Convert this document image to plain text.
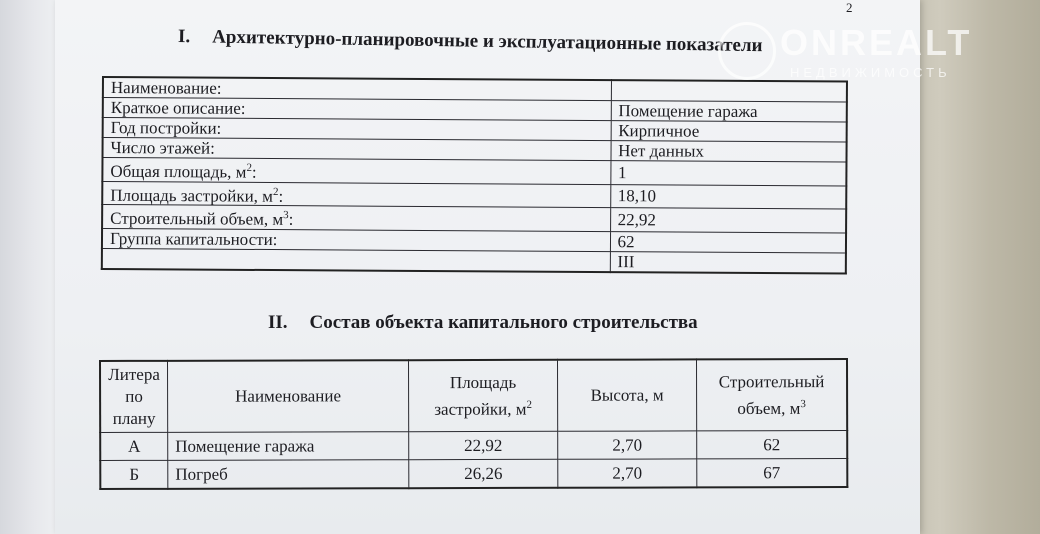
2
I. Архитектурно-планировочные и эксплуатационные показатели
Наименование:	
Краткое описание:	Помещение гаража
Год постройки:	Кирпичное
Число этажей:	Нет данных
Общая площадь, $м^2$:	1
Площадь застройки, $м^2$:	18,10
Строительный объем, $м^3$:	22,92
Группа капитальности:	62
	III
II. Состав объекта капитального строительства
Литера по плану	Наименование	Площадь застройки, $м^2$	Высота, м	Строительный объем, $м^3$
А	Помещение гаража	22,92	2,70	62
Б	Погреб	26,26	2,70	67
ONREALT
НЕДВИЖИМОСТЬ
